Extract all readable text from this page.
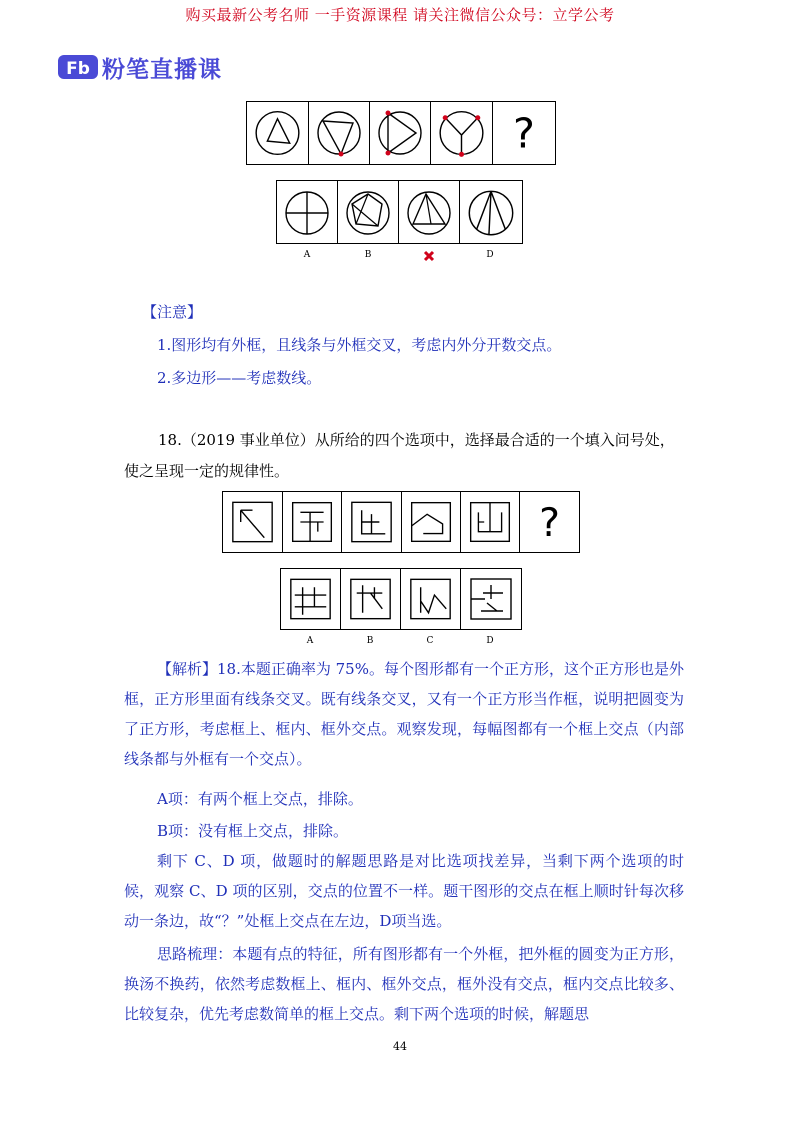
购买最新公考名师 一手资源课程 请关注微信公众号：立学公考
Fb 粉笔直播课
?
A	B	D
【注意】
1.图形均有外框，且线条与外框交叉，考虑内外分开数交点。
2.多边形——考虑数线。
18.（2019 事业单位）从所给的四个选项中，选择最合适的一个填入问号处，
使之呈现一定的规律性。
?
A	B	C	D
【解析】18.本题正确率为 75%。每个图形都有一个正方形，这个正方形也是外框，正方形里面有线条交叉。既有线条交叉，又有一个正方形当作框，说明把圆变为了正方形，考虑框上、框内、框外交点。观察发现，每幅图都有一个框上交点（内部线条都与外框有一个交点）。
A项：有两个框上交点，排除。
B项：没有框上交点，排除。
剩下 C、D 项，做题时的解题思路是对比选项找差异，当剩下两个选项的时候，观察 C、D 项的区别，交点的位置不一样。题干图形的交点在框上顺时针每次移动一条边，故“？”处框上交点在左边，D项当选。
思路梳理：本题有点的特征，所有图形都有一个外框，把外框的圆变为正方形，换汤不换药，依然考虑数框上、框内、框外交点，框外没有交点，框内交点比较多、比较复杂，优先考虑数简单的框上交点。剩下两个选项的时候，解题思
44
